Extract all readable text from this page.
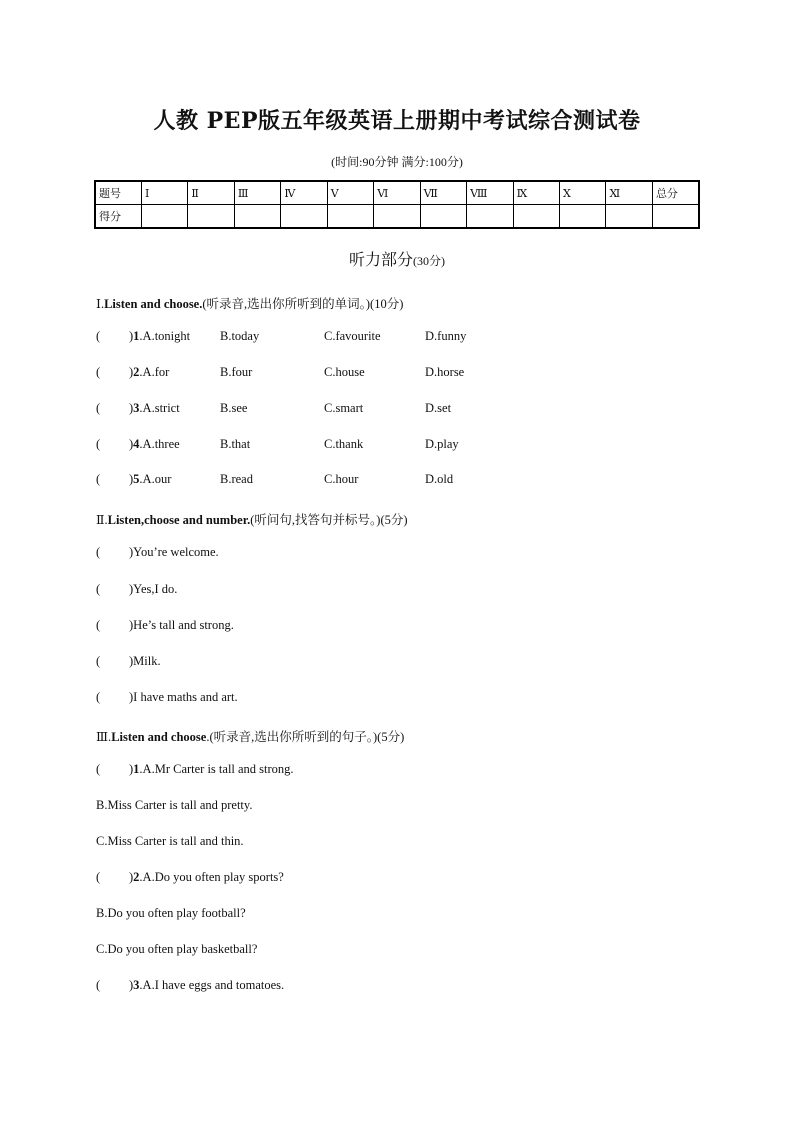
人教 PEP版五年级英语上册期中考试综合测试卷
(时间:90分钟 满分:100分)
题号	Ⅰ	Ⅱ	Ⅲ	Ⅳ	Ⅴ	Ⅵ	Ⅶ	Ⅷ	Ⅸ	Ⅹ	Ⅺ	总分
得分												
听力部分(30分)
Ⅰ.Listen and choose.(听录音,选出你所听到的单词。)(10分)
( )1.A.tonight B.today	C.favourite	D.funny
( )2.A.for	B.four	C.house	D.horse
( )3.A.strict	B.see	C.smart	D.set
( )4.A.three	B.that	C.thank	D.play
( )5.A.our	B.read	C.hour	D.old
Ⅱ.Listen,choose and number.(听问句,找答句并标号。)(5分)
( )You’re welcome.
( )Yes,I do.
( )He’s tall and strong.
( )Milk.
( )I have maths and art.
Ⅲ.Listen and choose.(听录音,选出你所听到的句子。)(5分)
( )1.A.Mr Carter is tall and strong.
B.Miss Carter is tall and pretty.
C.Miss Carter is tall and thin.
( )2.A.Do you often play sports?
B.Do you often play football?
C.Do you often play basketball?
( )3.A.I have eggs and tomatoes.
